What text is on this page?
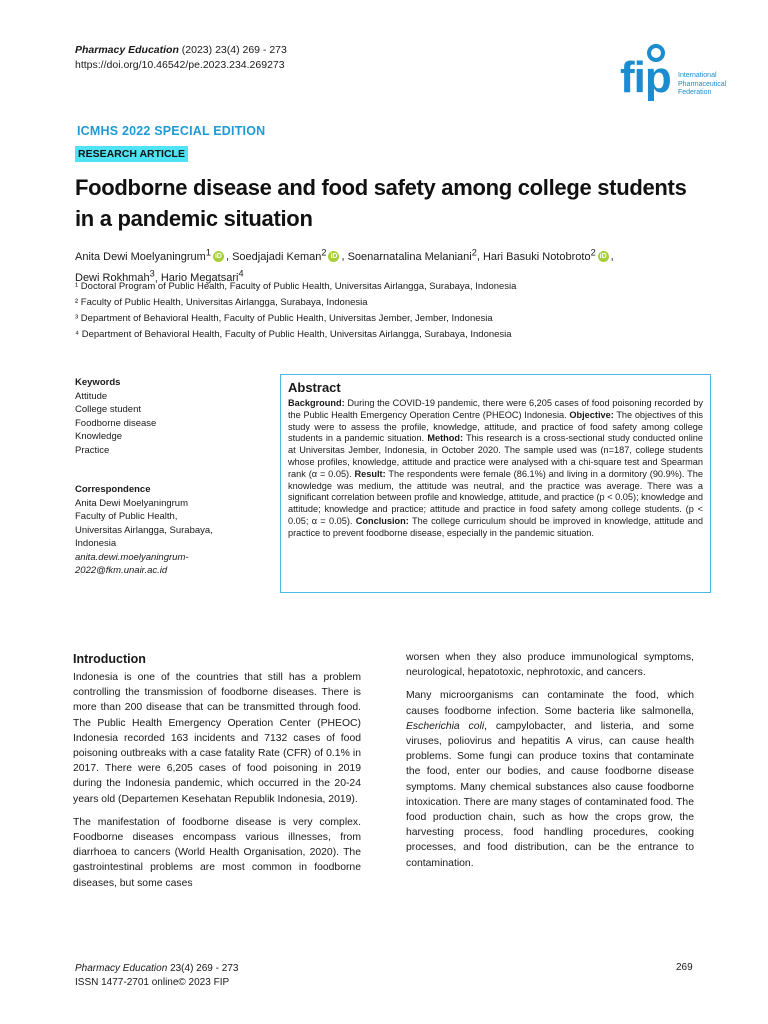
Pharmacy Education (2023) 23(4) 269 - 273
https://doi.org/10.46542/pe.2023.234.269273	fip International Pharmaceutical Federation
ICMHS 2022 SPECIAL EDITION
RESEARCH ARTICLE
Foodborne disease and food safety among college students in a pandemic situation
Anita Dewi Moelyaningrum$^1$ iD , Soedjajadi Keman$^2$ iD , Soenarnatalina Melaniani$^2$, Hari Basuki Notobroto$^2$ iD ,
Dewi Rokhmah$^3$, Hario Megatsari$^4$
¹ Doctoral Program of Public Health, Faculty of Public Health, Universitas Airlangga, Surabaya, Indonesia
² Faculty of Public Health, Universitas Airlangga, Surabaya, Indonesia
³ Department of Behavioral Health, Faculty of Public Health, Universitas Jember, Jember, Indonesia
⁴ Department of Behavioral Health, Faculty of Public Health, Universitas Airlangga, Surabaya, Indonesia
Keywords
Attitude
College student
Foodborne disease
Knowledge
Practice
Correspondence
Anita Dewi Moelyaningrum
Faculty of Public Health,
Universitas Airlangga, Surabaya,
Indonesia
anita.dewi.moelyaningrum-
2022@fkm.unair.ac.id
Abstract
Background: During the COVID-19 pandemic, there were 6,205 cases of food poisoning recorded by the Public Health Emergency Operation Centre (PHEOC) Indonesia. Objective: The objectives of this study were to assess the profile, knowledge, attitude, and practice of food safety among college students in a pandemic situation. Method: This research is a cross-sectional study conducted online at Universitas Jember, Indonesia, in October 2020. The sample used was (n=187, college students whose profiles, knowledge, attitude and practice were analysed with a chi-square test and Spearman rank (α = 0.05). Result: The respondents were female (86.1%) and living in a dormitory (90.9%). The knowledge was medium, the attitude was neutral, and the practice was average. There was a significant correlation between profile and knowledge, attitude, and practice (p < 0.05); knowledge and attitude; knowledge and practice; attitude and practice in food safety among college students. (p < 0.05; α = 0.05). Conclusion: The college curriculum should be improved in knowledge, attitude and practice to prevent foodborne disease, especially in the pandemic situation.
Introduction

Indonesia is one of the countries that still has a problem controlling the transmission of foodborne diseases. There is more than 200 disease that can be transmitted through food. The Public Health Emergency Operation Center (PHEOC) Indonesia recorded 163 incidents and 7132 cases of food poisoning outbreaks with a case fatality Rate (CFR) of 0.1% in 2017. There were 6,205 cases of food poisoning in 2019 during the Indonesia pandemic, which occurred in the 20-24 years old (Departemen Kesehatan Republik Indonesia, 2019).

The manifestation of foodborne disease is very complex. Foodborne diseases encompass various illnesses, from diarrhoea to cancers (World Health Organisation, 2020). The gastrointestinal problems are most common in foodborne diseases, but some cases

worsen when they also produce immunological symptoms, neurological, hepatotoxic, nephrotoxic, and cancers.

Many microorganisms can contaminate the food, which causes foodborne infection. Some bacteria like salmonella, Escherichia coli, campylobacter, and listeria, and some viruses, poliovirus and hepatitis A virus, can cause health problems. Some fungi can produce toxins that contaminate the food, enter our bodies, and cause foodborne disease symptoms. Many chemical substances also cause foodborne intoxication. There are many stages of contaminated food. The food production chain, such as how the crops grow, the harvesting process, food handling procedures, cooking processes, and food distribution, can be the entrance to contamination.

Pharmacy Education 23(4) 269 - 273
ISSN 1477-2701 online© 2023 FIP
269
